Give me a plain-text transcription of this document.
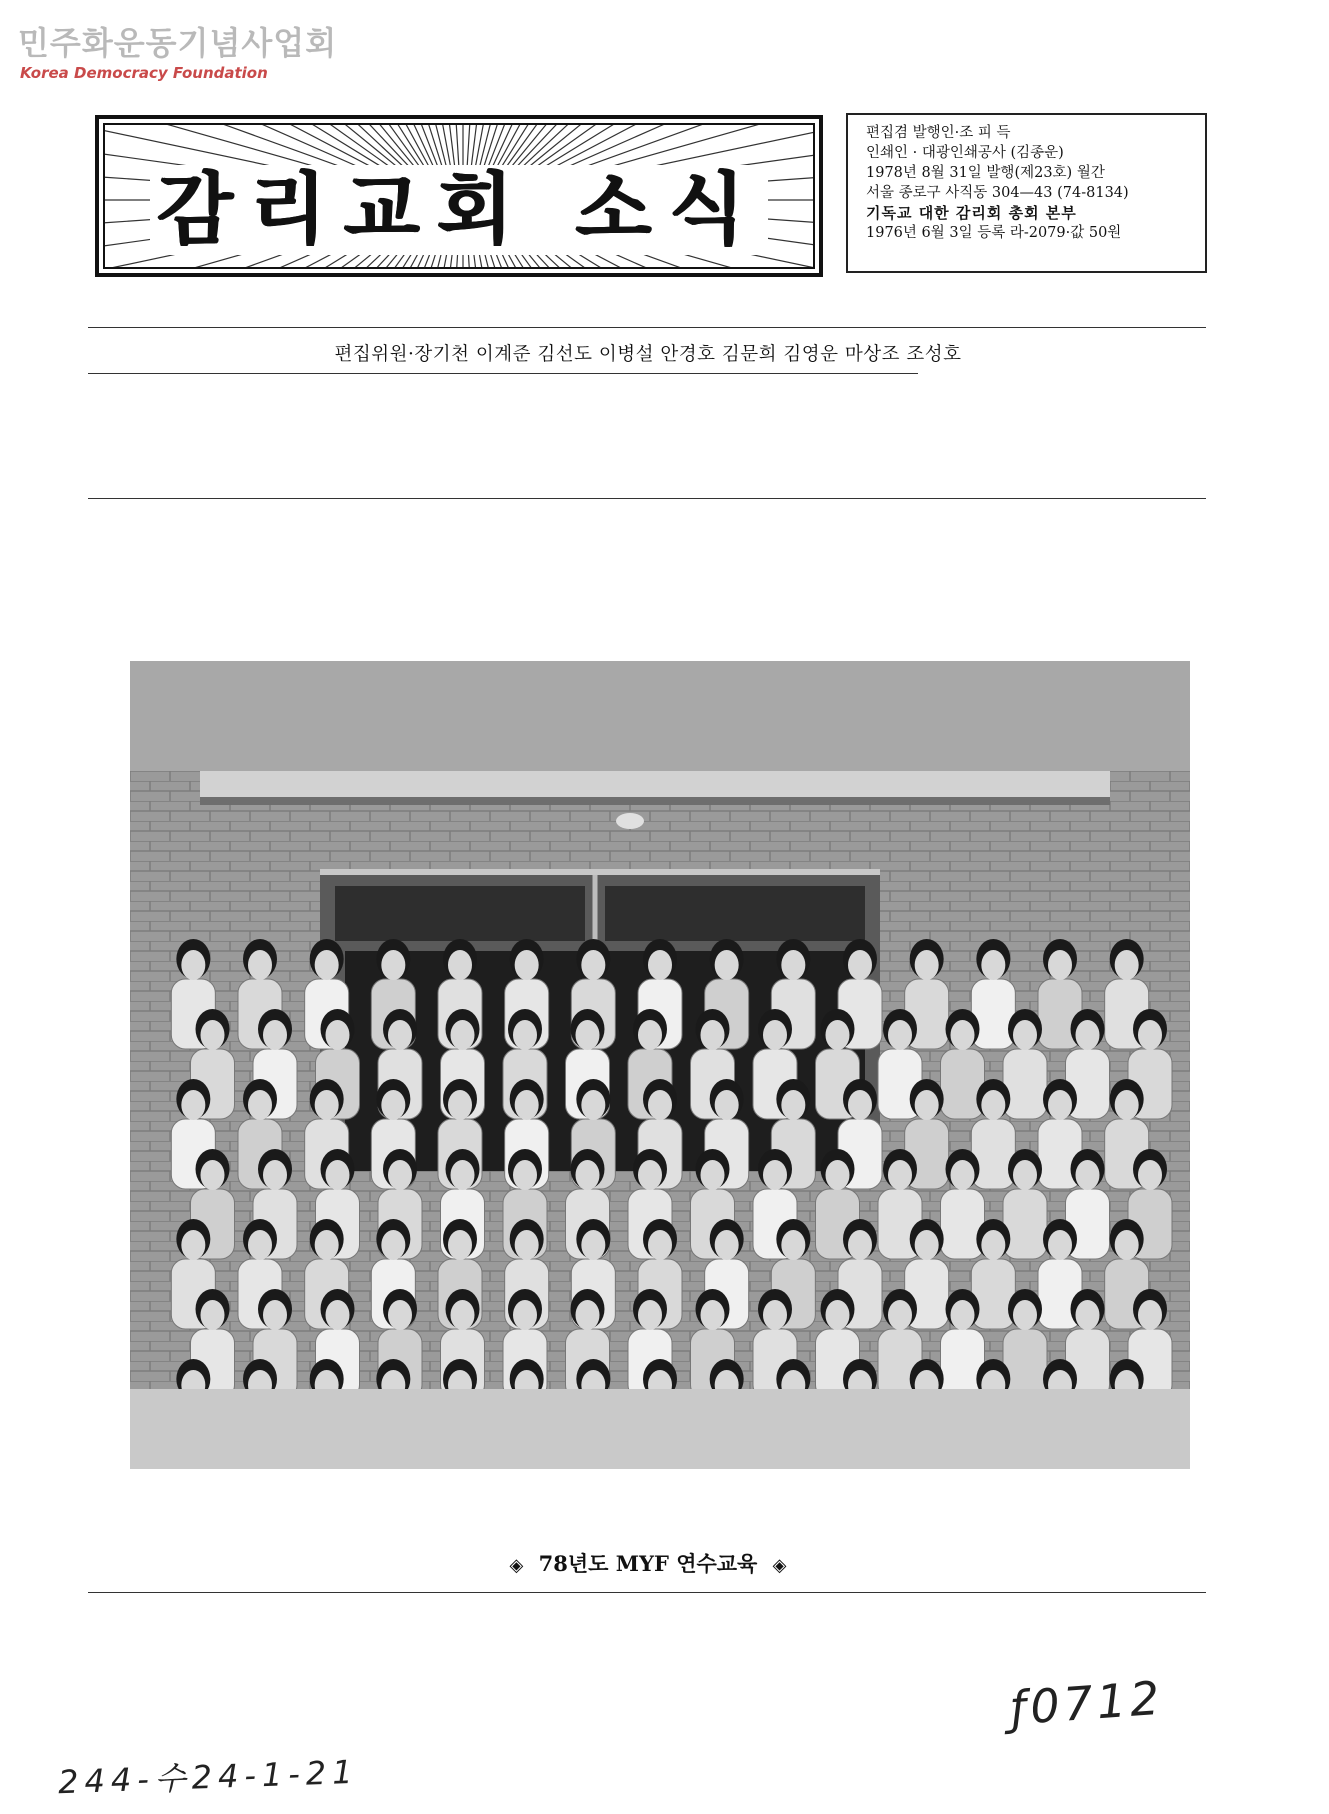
민주화운동기념사업회
Korea Democracy Foundation
감리교회 소식
편집겸 발행인·조 피 득
인쇄인 · 대광인쇄공사 (김종운)
1978년 8월 31일 발행(제23호) 월간
서울 종로구 사직동 304—43 (74-8134)
기독교 대한 감리회 총회 본부
1976년 6월 3일 등록 라-2079·값 50원
편집위원·장기천 이계준 김선도 이병설 안경호 김문희 김영운 마상조 조성호
◈ 78년도 MYF 연수교육 ◈
ƒ0712
244-수24-1-21
